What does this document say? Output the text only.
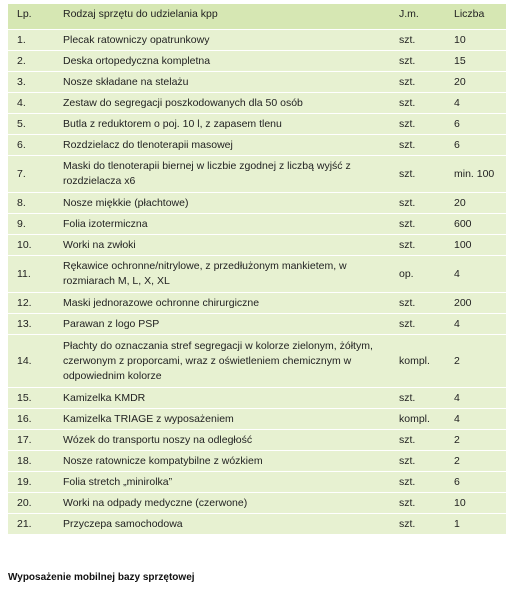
Lp.	Rodzaj sprzętu do udzielania kpp	J.m.	Liczba
1.	Plecak ratowniczy opatrunkowy	szt.	10
2.	Deska ortopedyczna kompletna	szt.	15
3.	Nosze składane na stelażu	szt.	20
4.	Zestaw do segregacji poszkodowanych dla 50 osób	szt.	4
5.	Butla z reduktorem o poj. 10 l, z zapasem tlenu	szt.	6
6.	Rozdzielacz do tlenoterapii masowej	szt.	6
7.	Maski do tlenoterapii biernej w liczbie zgodnej z liczbą wyjść z rozdzielacza x6	szt.	min. 100
8.	Nosze miękkie (płachtowe)	szt.	20
9.	Folia izotermiczna	szt.	600
10.	Worki na zwłoki	szt.	100
11.	Rękawice ochronne/nitrylowe, z przedłużonym mankietem, w rozmiarach M, L, X, XL	op.	4
12.	Maski jednorazowe ochronne chirurgiczne	szt.	200
13.	Parawan z logo PSP	szt.	4
14.	Płachty do oznaczania stref segregacji w kolorze zielonym, żółtym, czerwonym z proporcami, wraz z oświetleniem chemicznym w odpowiednim kolorze	kompl.	2
15.	Kamizelka KMDR	szt.	4
16.	Kamizelka TRIAGE z wyposażeniem	kompl.	4
17.	Wózek do transportu noszy na odległość	szt.	2
18.	Nosze ratownicze kompatybilne z wózkiem	szt.	2
19.	Folia stretch „minirolka”	szt.	6
20.	Worki na odpady medyczne (czerwone)	szt.	10
21.	Przyczepa samochodowa	szt.	1
Wyposażenie mobilnej bazy sprzętowej
